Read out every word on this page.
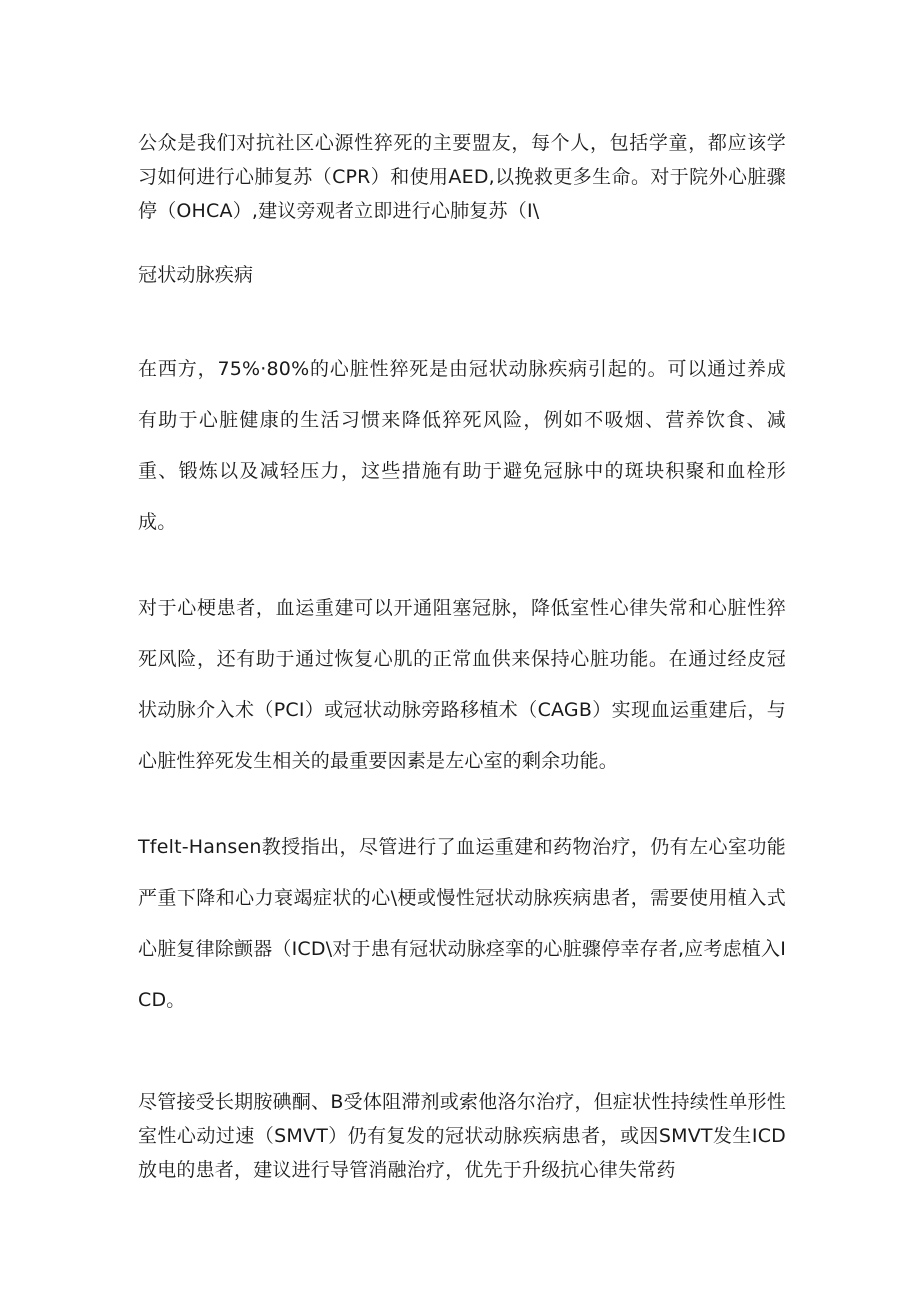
公众是我们对抗社区心源性猝死的主要盟友，每个人，包括学童，都应该学习如何进行心肺复苏（CPR）和使用AED,以挽救更多生命。对于院外心脏骤停（OHCA）,建议旁观者立即进行心肺复苏（I\

冠状动脉疾病

在西方，75%·80%的心脏性猝死是由冠状动脉疾病引起的。可以通过养成有助于心脏健康的生活习惯来降低猝死风险，例如不吸烟、营养饮食、减重、锻炼以及减轻压力，这些措施有助于避免冠脉中的斑块积聚和血栓形成。

对于心梗患者，血运重建可以开通阻塞冠脉，降低室性心律失常和心脏性猝死风险，还有助于通过恢复心肌的正常血供来保持心脏功能。在通过经皮冠状动脉介入术（PCI）或冠状动脉旁路移植术（CAGB）实现血运重建后，与心脏性猝死发生相关的最重要因素是左心室的剩余功能。

Tfelt-Hansen教授指出，尽管进行了血运重建和药物治疗，仍有左心室功能严重下降和心力衰竭症状的心\梗或慢性冠状动脉疾病患者，需要使用植入式心脏复律除颤器（ICD\对于患有冠状动脉痉挛的心脏骤停幸存者,应考虑植入ICD。

尽管接受长期胺碘酮、B受体阻滞剂或索他洛尔治疗，但症状性持续性单形性室性心动过速（SMVT）仍有复发的冠状动脉疾病患者，或因SMVT发生ICD放电的患者，建议进行导管消融治疗，优先于升级抗心律失常药
